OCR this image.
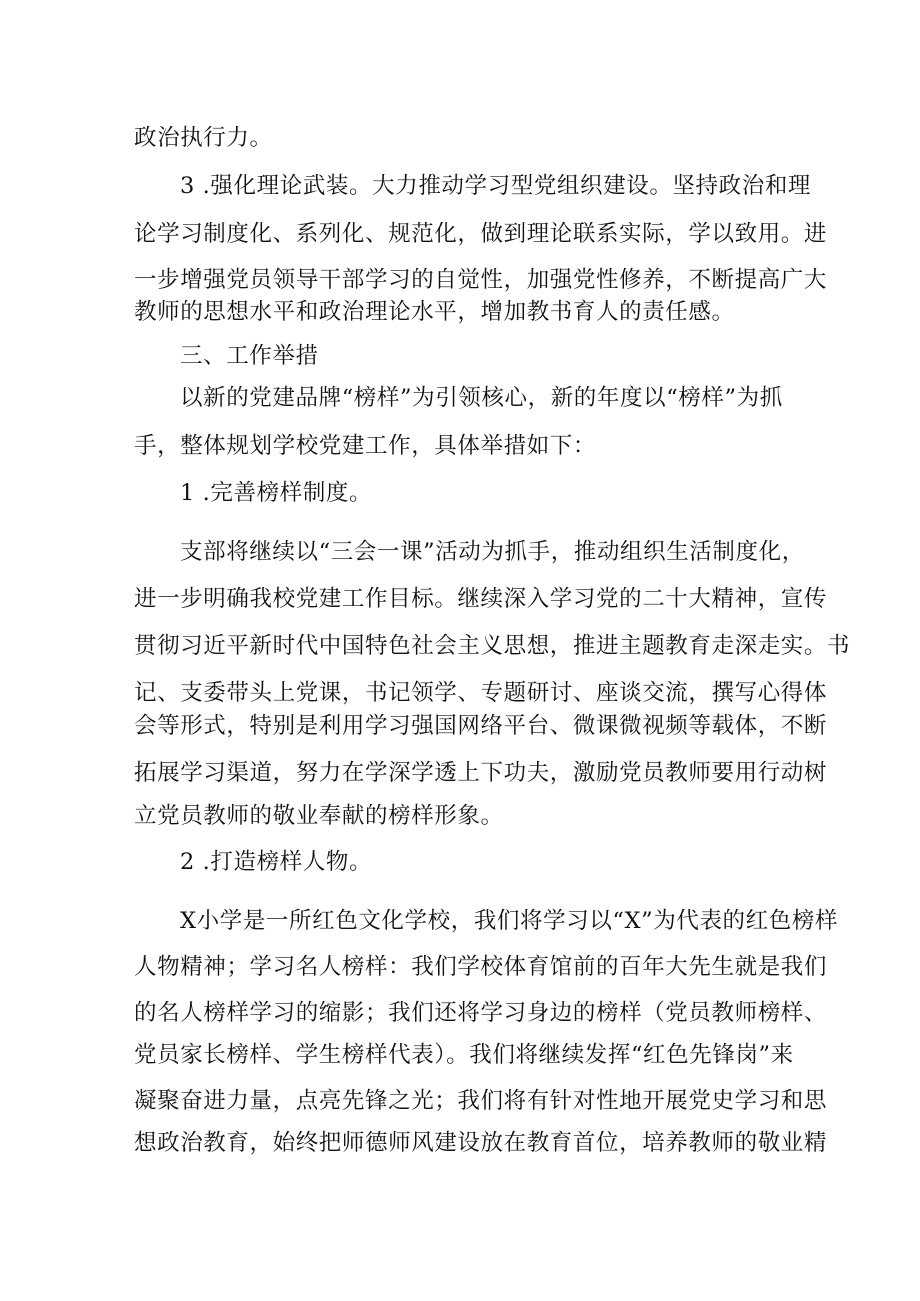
政治执行力。
3 .强化理论武装。大力推动学习型党组织建设。坚持政治和理
论学习制度化、系列化、规范化，做到理论联系实际，学以致用。进
一步增强党员领导干部学习的自觉性，加强党性修养，不断提高广大
教师的思想水平和政治理论水平，增加教书育人的责任感。
三、工作举措
以新的党建品牌“榜样”为引领核心，新的年度以“榜样”为抓
手，整体规划学校党建工作，具体举措如下：
1 .完善榜样制度。
支部将继续以“三会一课”活动为抓手，推动组织生活制度化，
进一步明确我校党建工作目标。继续深入学习党的二十大精神，宣传
贯彻习近平新时代中国特色社会主义思想，推进主题教育走深走实。书
记、支委带头上党课，书记领学、专题研讨、座谈交流，撰写心得体
会等形式，特别是利用学习强国网络平台、微课微视频等载体，不断
拓展学习渠道，努力在学深学透上下功夫，激励党员教师要用行动树
立党员教师的敬业奉献的榜样形象。
2 .打造榜样人物。
X小学是一所红色文化学校，我们将学习以“X”为代表的红色榜样
人物精神；学习名人榜样：我们学校体育馆前的百年大先生就是我们
的名人榜样学习的缩影；我们还将学习身边的榜样（党员教师榜样、
党员家长榜样、学生榜样代表）。我们将继续发挥“红色先锋岗”来
凝聚奋进力量，点亮先锋之光；我们将有针对性地开展党史学习和思
想政治教育，始终把师德师风建设放在教育首位，培养教师的敬业精
